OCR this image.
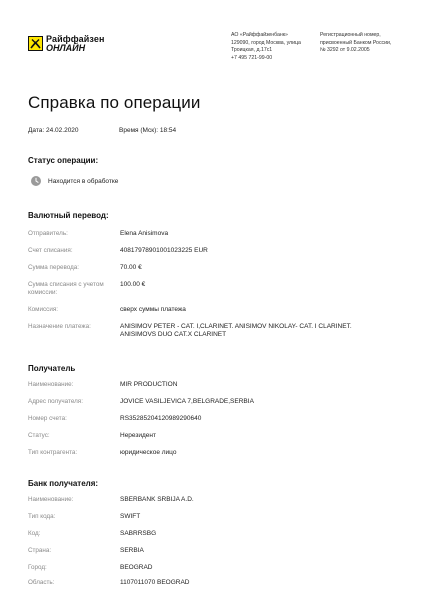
Райффайзен
ОНЛАЙН
АО «Райффайзенбанк»
129090, город Москва, улица
Троицкая, д.17с1
+7 495 721-99-00
Регистрационный номер,
присвоенный Банком России,
№ 3292 от 9.02.2005
Справка по операции
Дата: 24.02.2020	Время (Мск): 18:54
Статус операции:
Находится в обработке
Валютный перевод:
Отправитель:	Elena Anisimova
Счет списания:	40817978901001023225 EUR
Сумма перевода:	70.00 €
Сумма списания с учетом комиссии:
100.00 €
Комиссия:	сверх суммы платежа
Назначение платежа:	ANISIMOV PETER - CAT. I,CLARINET. ANISIMOV NIKOLAY- CAT. I CLARINET. ANISIMOVS DUO CAT.X CLARINET
Получатель
Наименование:	MIR PRODUCTION
Адрес получателя:	JOVICE VASILJEVICA 7,BELGRADE,SERBIA
Номер счета:	RS35285204120989290640
Статус:	Нерезидент
Тип контрагента:	юридическое лицо
Банк получателя:
Наименование:	SBERBANK SRBIJA A.D.
Тип кода:	SWIFT
Код:	SABRRSBG
Страна:	SERBIA
Город:	BEOGRAD
Область:	1107011070 BEOGRAD
